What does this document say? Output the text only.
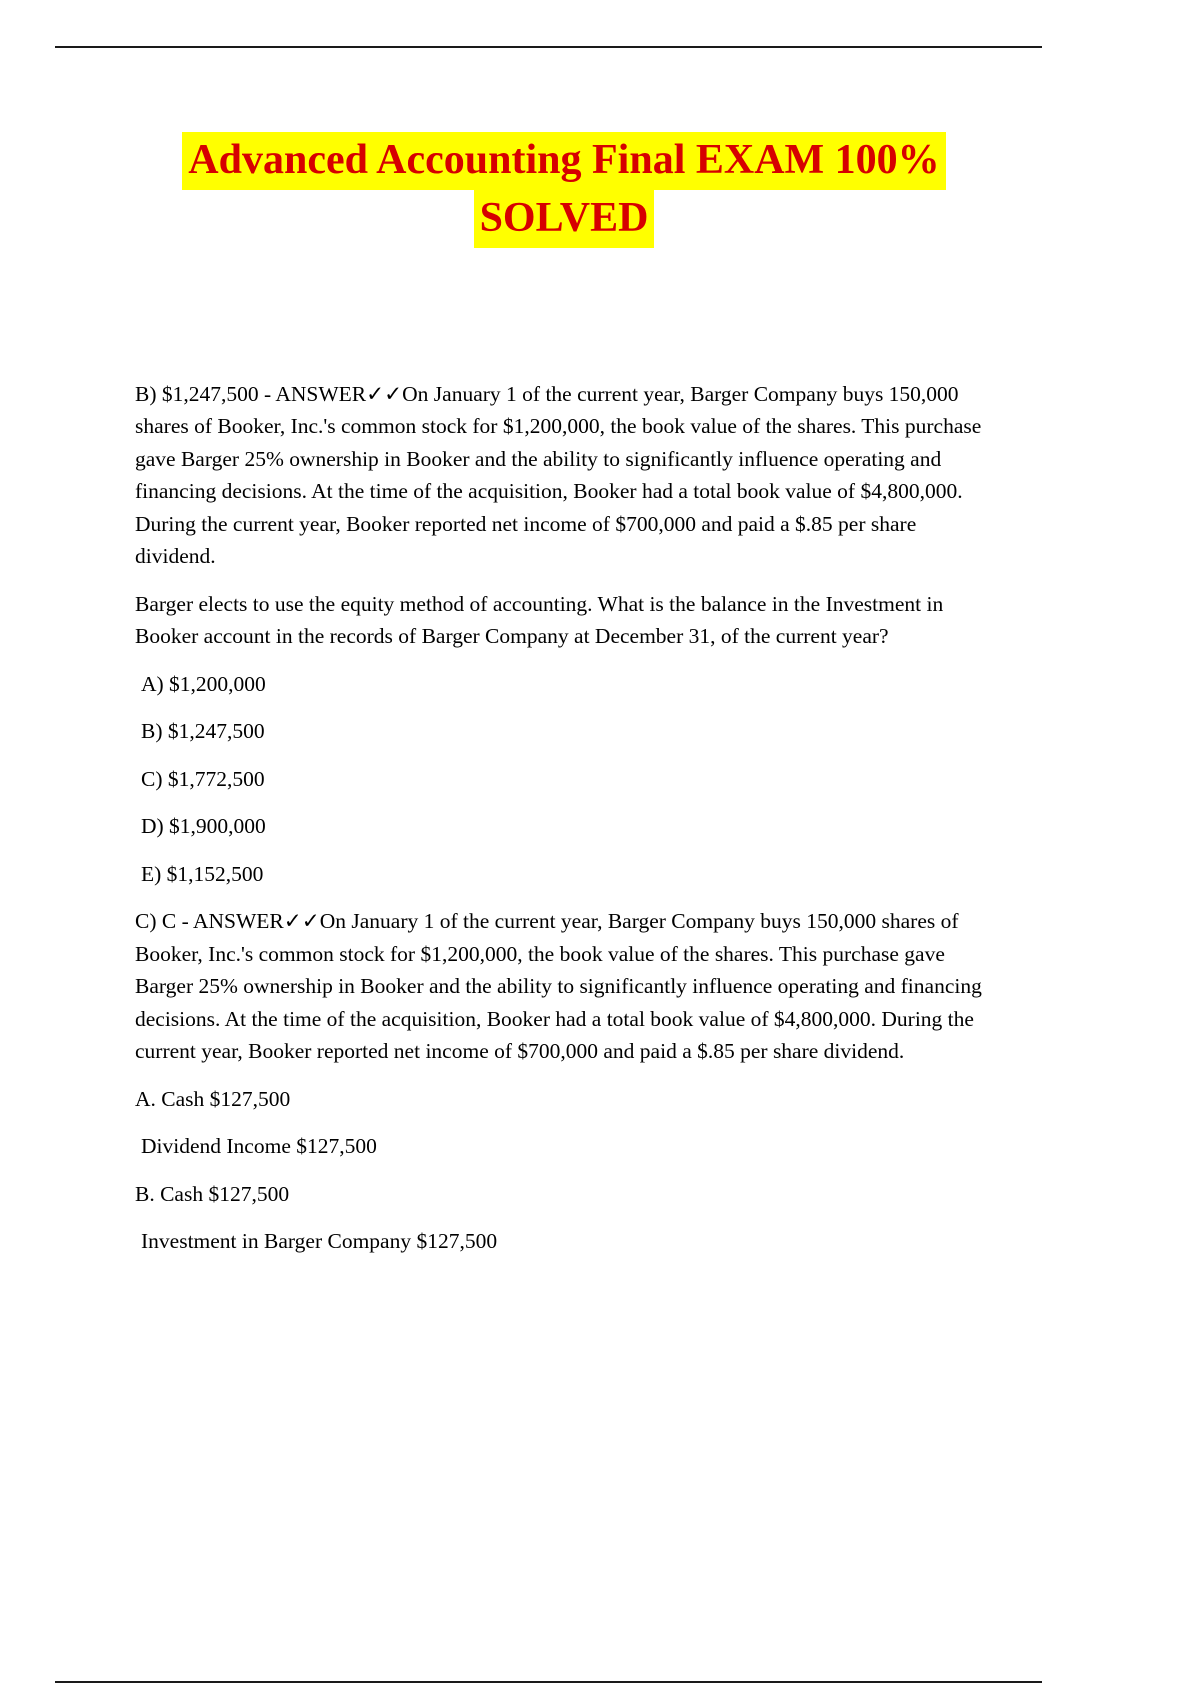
Advanced Accounting Final EXAM 100%
SOLVED

B) $1,247,500 - ANSWER✓✓On January 1 of the current year, Barger Company buys 150,000 shares of Booker, Inc.'s common stock for $1,200,000, the book value of the shares. This purchase gave Barger 25% ownership in Booker and the ability to significantly influence operating and financing decisions. At the time of the acquisition, Booker had a total book value of $4,800,000. During the current year, Booker reported net income of $700,000 and paid a $.85 per share dividend.

Barger elects to use the equity method of accounting. What is the balance in the Investment in Booker account in the records of Barger Company at December 31, of the current year?

A) $1,200,000

B) $1,247,500

C) $1,772,500

D) $1,900,000

E) $1,152,500

C) C - ANSWER✓✓On January 1 of the current year, Barger Company buys 150,000 shares of Booker, Inc.'s common stock for $1,200,000, the book value of the shares. This purchase gave Barger 25% ownership in Booker and the ability to significantly influence operating and financing decisions. At the time of the acquisition, Booker had a total book value of $4,800,000. During the current year, Booker reported net income of $700,000 and paid a $.85 per share dividend.

A. Cash $127,500

Dividend Income $127,500

B. Cash $127,500

Investment in Barger Company $127,500
